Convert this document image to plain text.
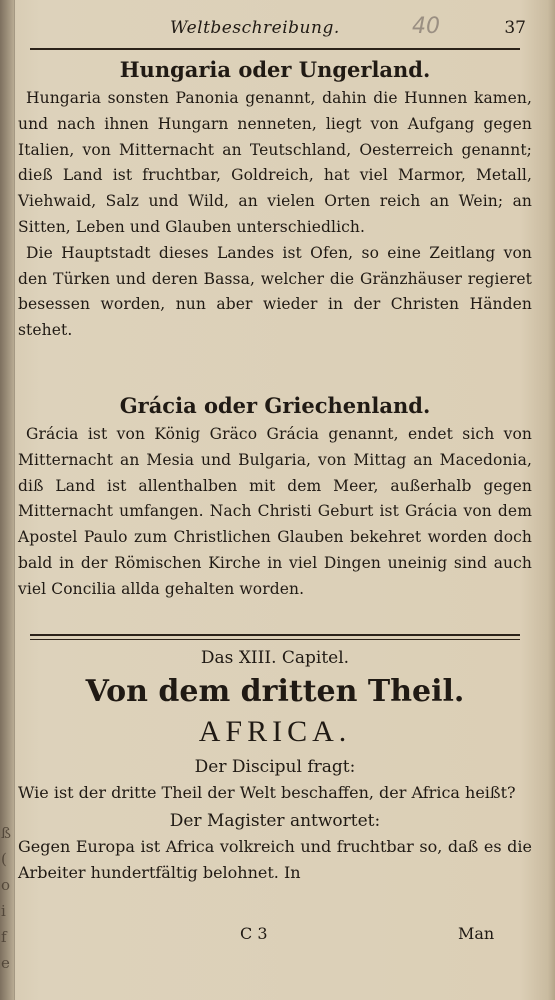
ß
(
o
i
f
e
Weltbeschreibung.	40	37
Hungaria oder Ungerland.

Hungaria sonsten Panonia genannt, dahin die Hunnen kamen, und nach ihnen Hungarn nenneten, liegt von Aufgang gegen Italien, von Mitternacht an Teutschland, Oesterreich genannt; dieß Land ist fruchtbar, Goldreich, hat viel Marmor, Metall, Viehwaid, Salz und Wild, an vielen Orten reich an Wein; an Sitten, Leben und Glauben unterschiedlich.

Die Hauptstadt dieses Landes ist Ofen, so eine Zeitlang von den Türken und deren Bassa, welcher die Gränzhäuser regieret besessen worden, nun aber wieder in der Christen Händen stehet.

Grácia oder Griechenland.

Grácia ist von König Gräco Grácia genannt, endet sich von Mitternacht an Mesia und Bulgaria, von Mittag an Macedonia, diß Land ist allenthalben mit dem Meer, außerhalb gegen Mitternacht umfangen. Nach Christi Geburt ist Grácia von dem Apostel Paulo zum Christlichen Glauben bekehret worden doch bald in der Römischen Kirche in viel Dingen uneinig sind auch viel Concilia allda gehalten worden.

Das XIII. Capitel.
Von dem dritten Theil.
AFRICA.
Der Discipul fragt:
Wie ist der dritte Theil der Welt beschaffen, der Africa heißt?
Der Magister antwortet:
Gegen Europa ist Africa volkreich und fruchtbar so, daß es die Arbeiter hundertfältig belohnet. In
C 3	Man
